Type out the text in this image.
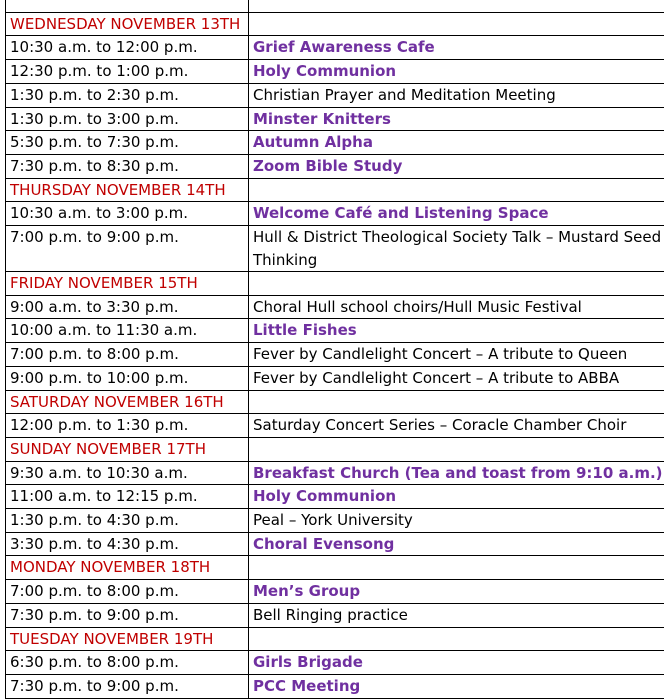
WEDNESDAY NOVEMBER 13TH	
10:30 a.m. to 12:00 p.m.	Grief Awareness Cafe
12:30 p.m. to 1:00 p.m.	Holy Communion
1:30 p.m. to 2:30 p.m.	Christian Prayer and Meditation Meeting
1:30 p.m. to 3:00 p.m.	Minster Knitters
5:30 p.m. to 7:30 p.m.	Autumn Alpha
7:30 p.m. to 8:30 p.m.	Zoom Bible Study
THURSDAY NOVEMBER 14TH	
10:30 a.m. to 3:00 p.m.	Welcome Café and Listening Space
7:00 p.m. to 9:00 p.m.	Hull & District Theological Society Talk – Mustard Seed Thinking
FRIDAY NOVEMBER 15TH	
9:00 a.m. to 3:30 p.m.	Choral Hull school choirs/Hull Music Festival
10:00 a.m. to 11:30 a.m.	Little Fishes
7:00 p.m. to 8:00 p.m.	Fever by Candlelight Concert – A tribute to Queen
9:00 p.m. to 10:00 p.m.	Fever by Candlelight Concert – A tribute to ABBA
SATURDAY NOVEMBER 16TH	
12:00 p.m. to 1:30 p.m.	Saturday Concert Series – Coracle Chamber Choir
SUNDAY NOVEMBER 17TH	
9:30 a.m. to 10:30 a.m.	Breakfast Church (Tea and toast from 9:10 a.m.)
11:00 a.m. to 12:15 p.m.	Holy Communion
1:30 p.m. to 4:30 p.m.	Peal – York University
3:30 p.m. to 4:30 p.m.	Choral Evensong
MONDAY NOVEMBER 18TH	
7:00 p.m. to 8:00 p.m.	Men’s Group
7:30 p.m. to 9:00 p.m.	Bell Ringing practice
TUESDAY NOVEMBER 19TH	
6:30 p.m. to 8:00 p.m.	Girls Brigade
7:30 p.m. to 9:00 p.m.	PCC Meeting
